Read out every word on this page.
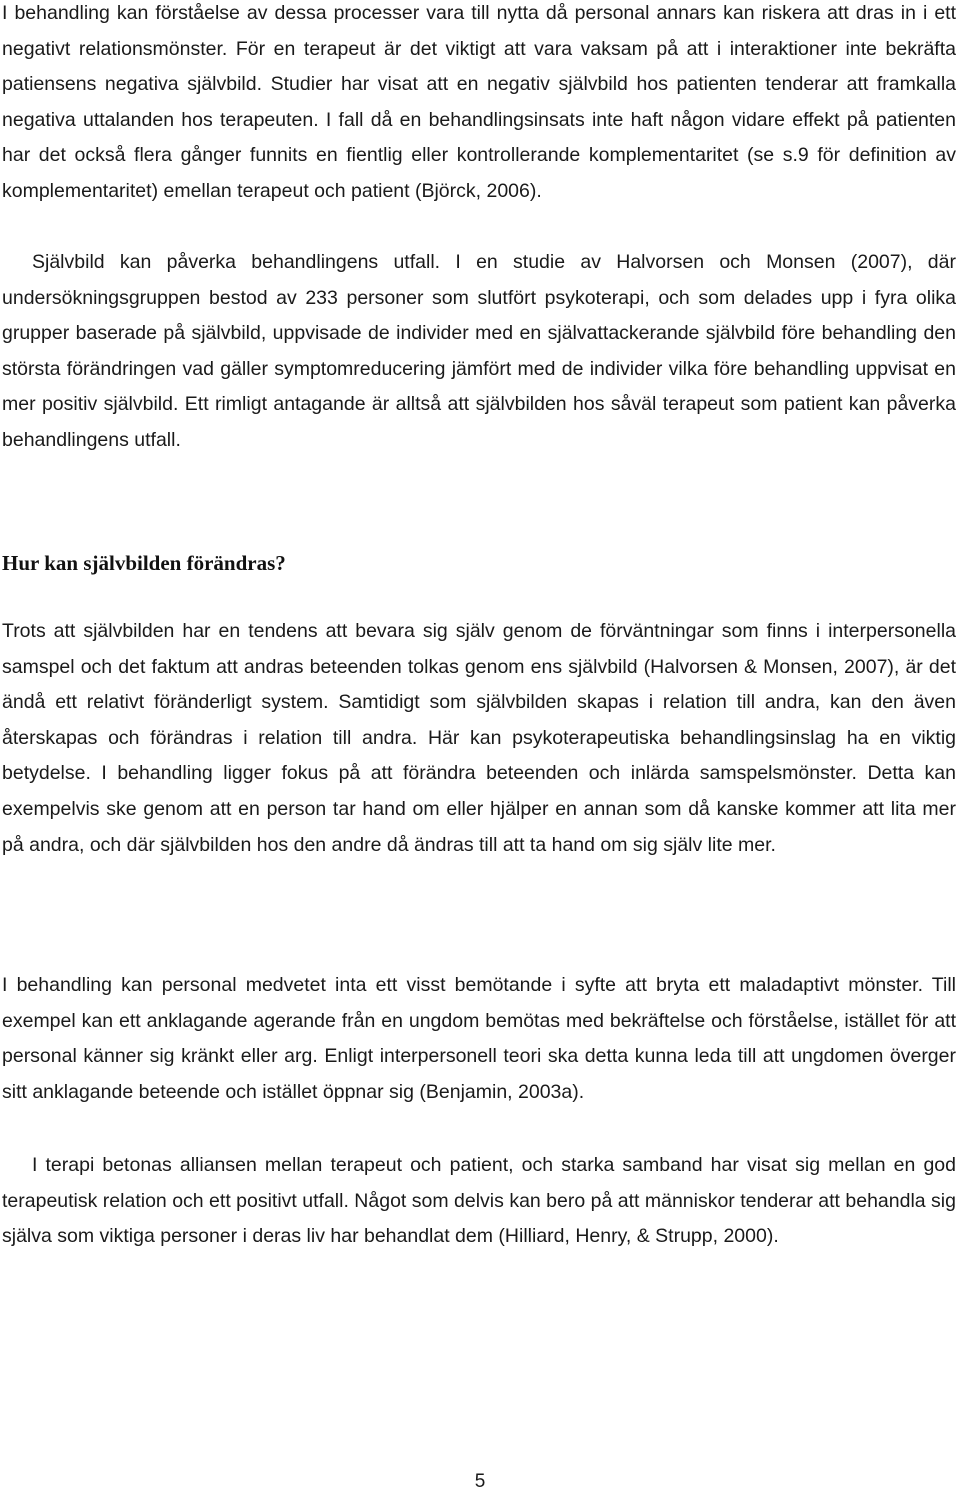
I behandling kan förståelse av dessa processer vara till nytta då personal annars kan riskera att dras in i ett negativt relationsmönster. För en terapeut är det viktigt att vara vaksam på att i interaktioner inte bekräfta patiensens negativa självbild. Studier har visat att en negativ självbild hos patienten tenderar att framkalla negativa uttalanden hos terapeuten. I fall då en behandlingsinsats inte haft någon vidare effekt på patienten har det också flera gånger funnits en fientlig eller kontrollerande komplementaritet (se s.9 för definition av komplementaritet) emellan terapeut och patient (Björck, 2006).

Självbild kan påverka behandlingens utfall. I en studie av Halvorsen och Monsen (2007), där undersökningsgruppen bestod av 233 personer som slutfört psykoterapi, och som delades upp i fyra olika grupper baserade på självbild, uppvisade de individer med en självattackerande självbild före behandling den största förändringen vad gäller symptomreducering jämfört med de individer vilka före behandling uppvisat en mer positiv självbild. Ett rimligt antagande är alltså att självbilden hos såväl terapeut som patient kan påverka behandlingens utfall.

Hur kan självbilden förändras?

Trots att självbilden har en tendens att bevara sig själv genom de förväntningar som finns i interpersonella samspel och det faktum att andras beteenden tolkas genom ens självbild (Halvorsen & Monsen, 2007), är det ändå ett relativt föränderligt system. Samtidigt som självbilden skapas i relation till andra, kan den även återskapas och förändras i relation till andra. Här kan psykoterapeutiska behandlingsinslag ha en viktig betydelse. I behandling ligger fokus på att förändra beteenden och inlärda samspelsmönster. Detta kan exempelvis ske genom att en person tar hand om eller hjälper en annan som då kanske kommer att lita mer på andra, och där självbilden hos den andre då ändras till att ta hand om sig själv lite mer.

I behandling kan personal medvetet inta ett visst bemötande i syfte att bryta ett maladaptivt mönster. Till exempel kan ett anklagande agerande från en ungdom bemötas med bekräftelse och förståelse, istället för att personal känner sig kränkt eller arg. Enligt interpersonell teori ska detta kunna leda till att ungdomen överger sitt anklagande beteende och istället öppnar sig (Benjamin, 2003a).

I terapi betonas alliansen mellan terapeut och patient, och starka samband har visat sig mellan en god terapeutisk relation och ett positivt utfall. Något som delvis kan bero på att människor tenderar att behandla sig själva som viktiga personer i deras liv har behandlat dem (Hilliard, Henry, & Strupp, 2000).

5
